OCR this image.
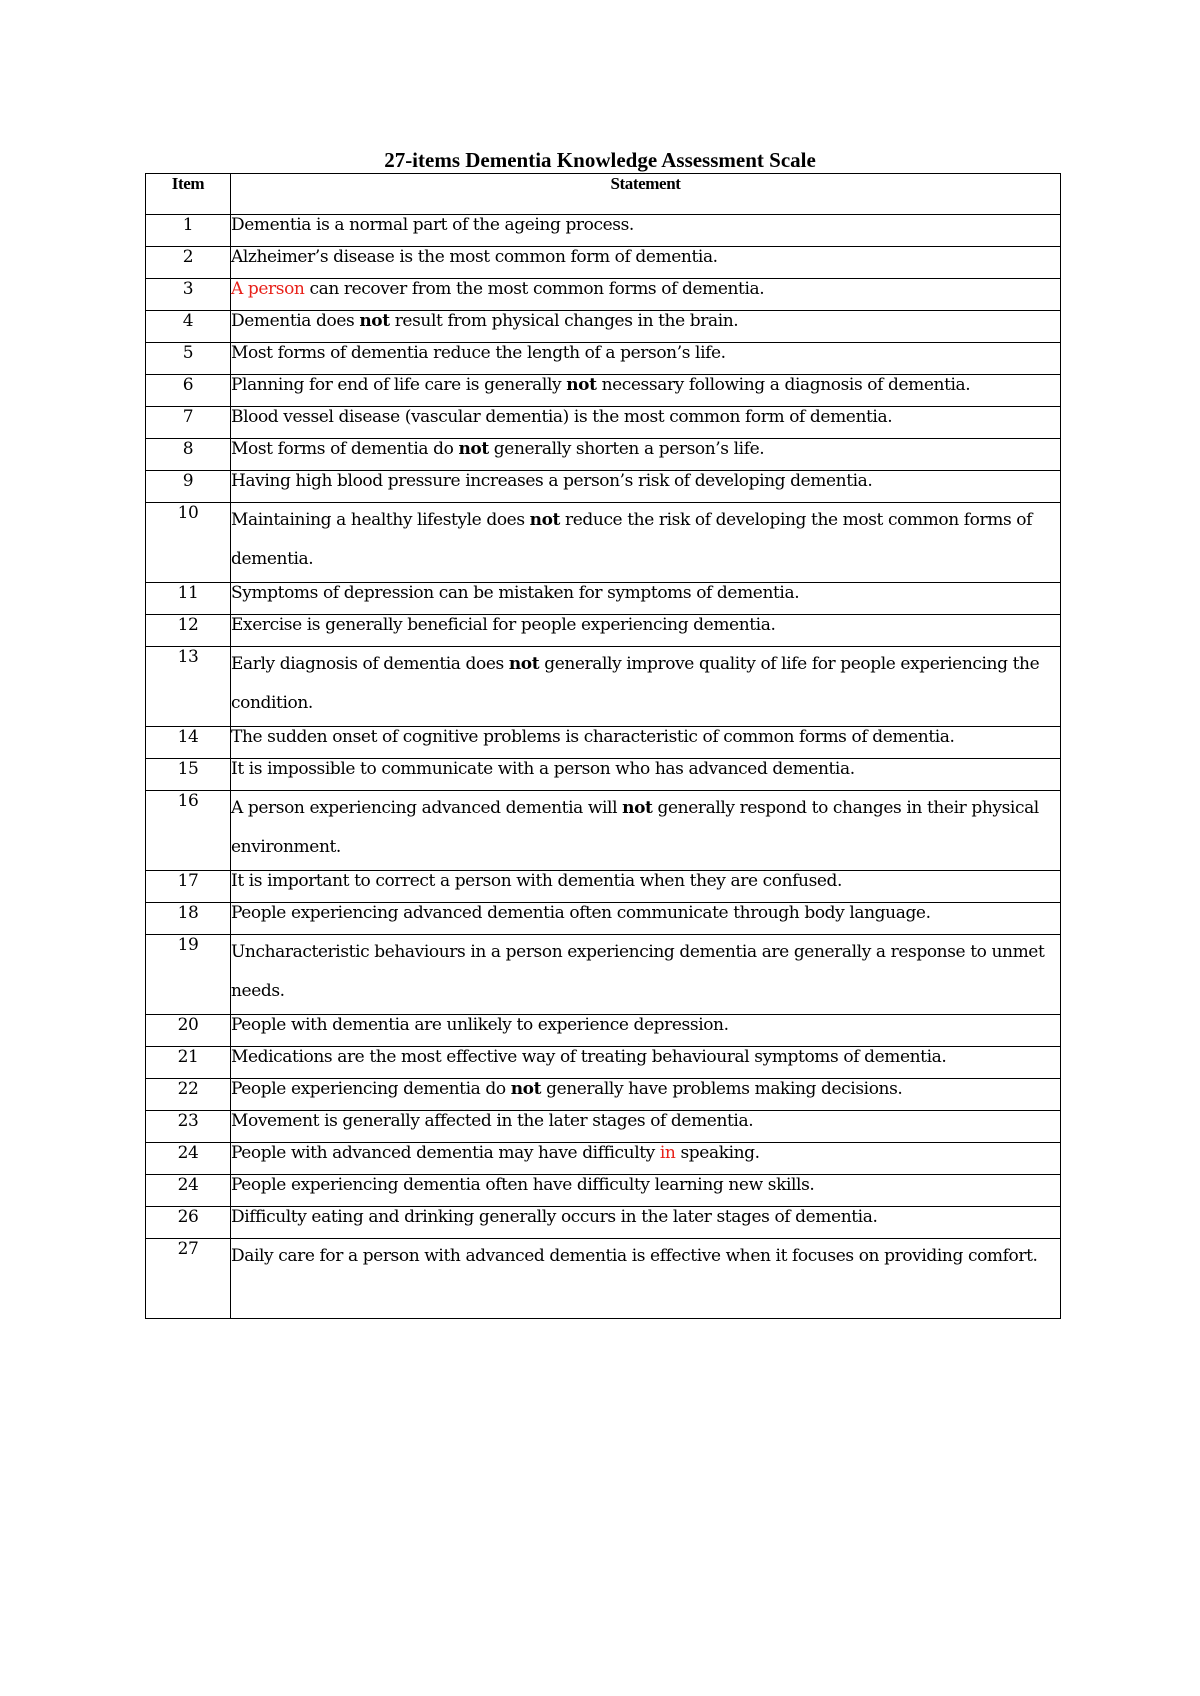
27-items Dementia Knowledge Assessment Scale
Item	Statement
1	Dementia is a normal part of the ageing process.

2	Alzheimer’s disease is the most common form of dementia.

3	A person can recover from the most common forms of dementia.

4	Dementia does not result from physical changes in the brain.

5	Most forms of dementia reduce the length of a person’s life.

6	Planning for end of life care is generally not necessary following a diagnosis of dementia.

7	Blood vessel disease (vascular dementia) is the most common form of dementia.

8	Most forms of dementia do not generally shorten a person’s life.

9	Having high blood pressure increases a person’s risk of developing dementia.

10	Maintaining a healthy lifestyle does not reduce the risk of developing the most common forms of dementia.

11	Symptoms of depression can be mistaken for symptoms of dementia.

12	Exercise is generally beneficial for people experiencing dementia.

13	Early diagnosis of dementia does not generally improve quality of life for people experiencing the condition.

14	The sudden onset of cognitive problems is characteristic of common forms of dementia.

15	It is impossible to communicate with a person who has advanced dementia.

16	A person experiencing advanced dementia will not generally respond to changes in their physical environment.

17	It is important to correct a person with dementia when they are confused.

18	People experiencing advanced dementia often communicate through body language.

19	Uncharacteristic behaviours in a person experiencing dementia are generally a response to unmet needs.

20	People with dementia are unlikely to experience depression.

21	Medications are the most effective way of treating behavioural symptoms of dementia.

22	People experiencing dementia do not generally have problems making decisions.

23	Movement is generally affected in the later stages of dementia.

24	People with advanced dementia may have difficulty in speaking.

24	People experiencing dementia often have difficulty learning new skills.

26	Difficulty eating and drinking generally occurs in the later stages of dementia.

27	Daily care for a person with advanced dementia is effective when it focuses on providing comfort.
